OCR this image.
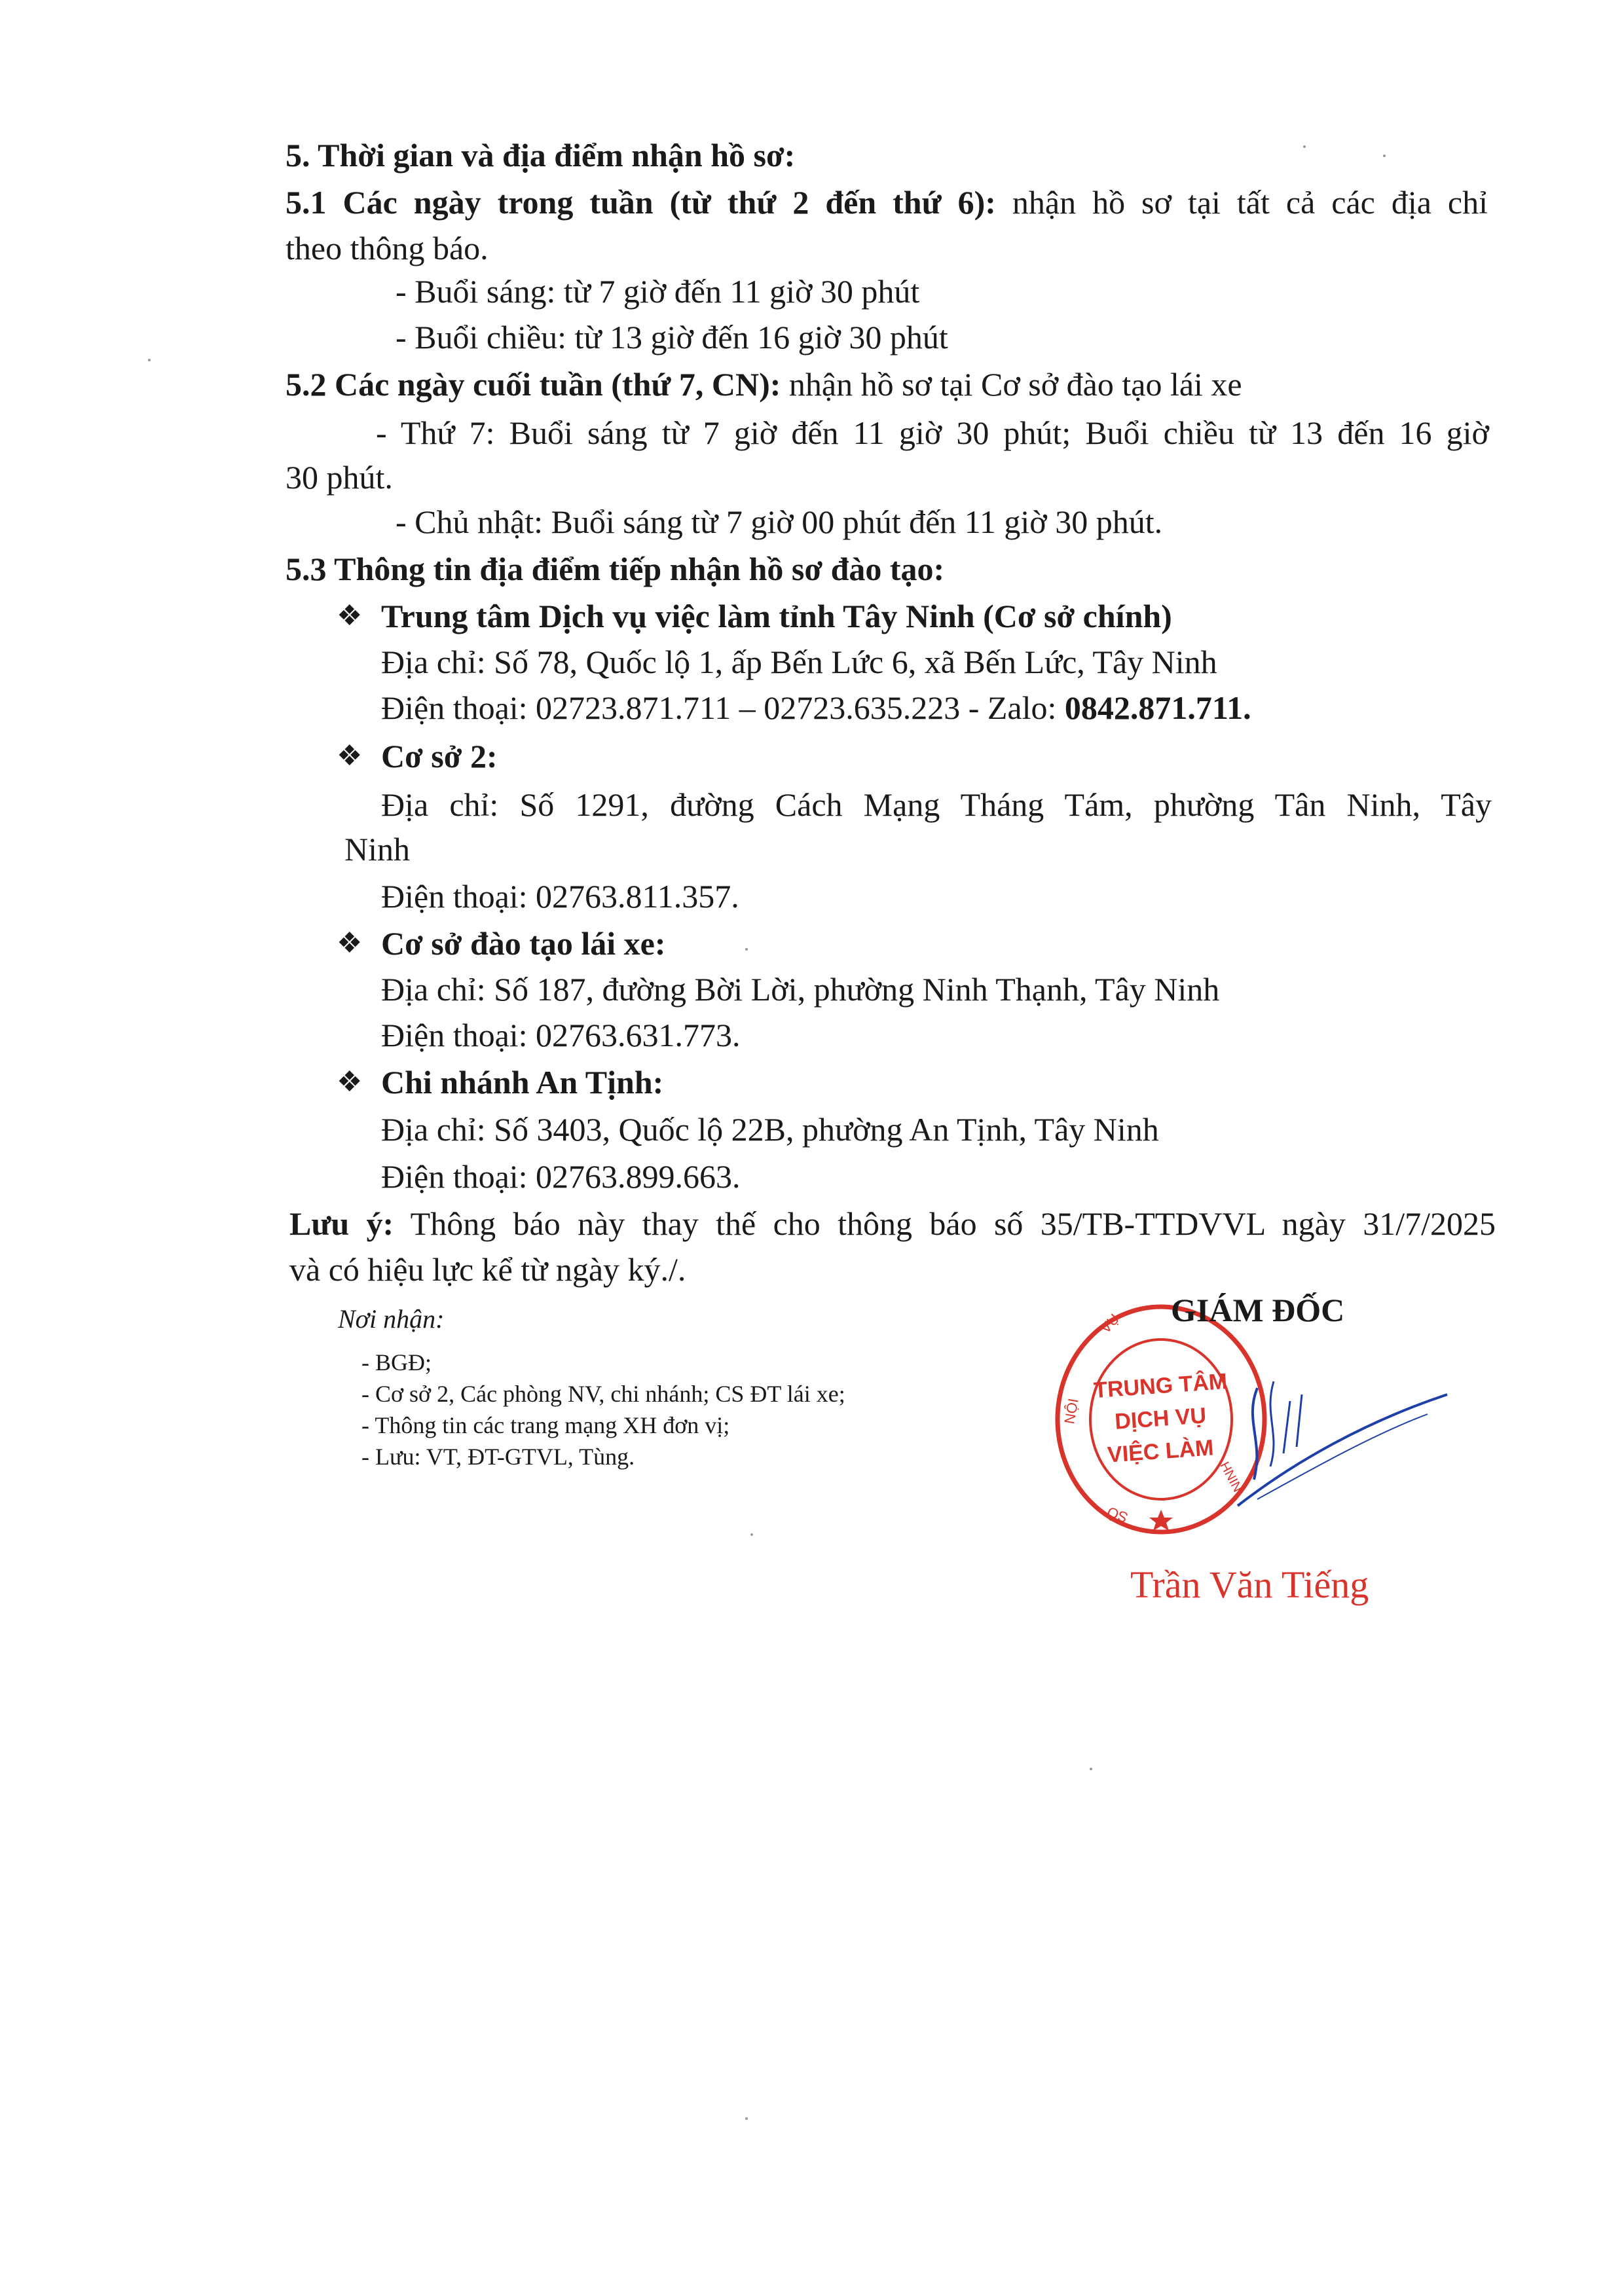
5. Thời gian và địa điểm nhận hồ sơ:
5.1 Các ngày trong tuần (từ thứ 2 đến thứ 6): nhận hồ sơ tại tất cả các địa chỉ
theo thông báo.
- Buổi sáng: từ 7 giờ đến 11 giờ 30 phút
- Buổi chiều: từ 13 giờ đến 16 giờ 30 phút
5.2 Các ngày cuối tuần (thứ 7, CN): nhận hồ sơ tại Cơ sở đào tạo lái xe
- Thứ 7: Buổi sáng từ 7 giờ đến 11 giờ 30 phút; Buổi chiều từ 13 đến 16 giờ
30 phút.
- Chủ nhật: Buổi sáng từ 7 giờ 00 phút đến 11 giờ 30 phút.
5.3 Thông tin địa điểm tiếp nhận hồ sơ đào tạo:
❖ Trung tâm Dịch vụ việc làm tỉnh Tây Ninh (Cơ sở chính)
Địa chỉ: Số 78, Quốc lộ 1, ấp Bến Lức 6, xã Bến Lức, Tây Ninh
Điện thoại: 02723.871.711 – 02723.635.223 - Zalo: 0842.871.711.
❖ Cơ sở 2:
Địa chỉ: Số 1291, đường Cách Mạng Tháng Tám, phường Tân Ninh, Tây
Ninh
Điện thoại: 02763.811.357.
❖ Cơ sở đào tạo lái xe:
Địa chỉ: Số 187, đường Bời Lời, phường Ninh Thạnh, Tây Ninh
Điện thoại: 02763.631.773.
❖ Chi nhánh An Tịnh:
Địa chỉ: Số 3403, Quốc lộ 22B, phường An Tịnh, Tây Ninh
Điện thoại: 02763.899.663.
Lưu ý: Thông báo này thay thế cho thông báo số 35/TB-TTDVVL ngày 31/7/2025
và có hiệu lực kể từ ngày ký./.
Nơi nhận:
- BGĐ;
- Cơ sở 2, Các phòng NV, chi nhánh; CS ĐT lái xe;
- Thông tin các trang mạng XH đơn vị;
- Lưu: VT, ĐT-GTVL, Tùng.
TRUNG TÂM
DỊCH VỤ
VIỆC LÀM
NỘI
VỤ
SỞ
NINH
GIÁM ĐỐC
Trần Văn Tiếng
